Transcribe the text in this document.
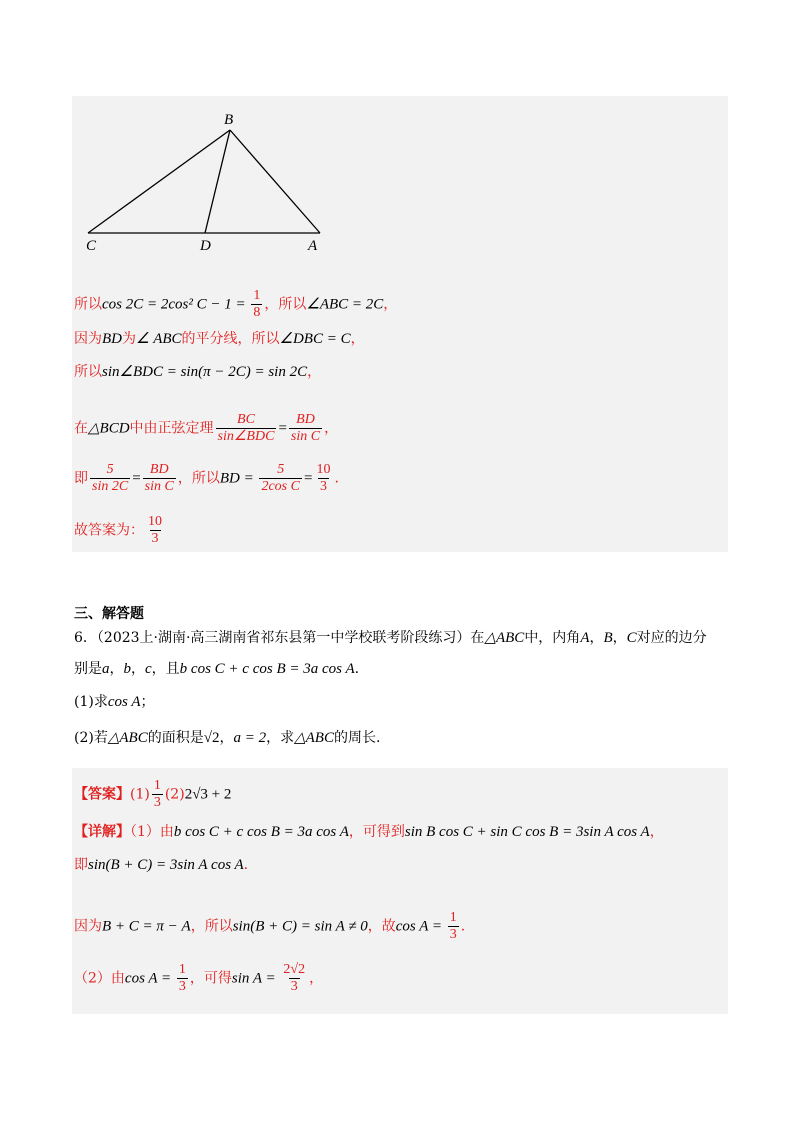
B
C	D	A
所以cos 2C = 2cos² $C - 1 = \frac{1}{8}$ ，所以∠ABC = 2C，
因为BD为∠ ABC的平分线，所以∠DBC = C，
所以sin∠BDC = sin(π − 2C) = sin 2C，
在△BCD中由正弦定理 $\frac{BC}{\text{sin∠BDC}} = \frac{BD}{\text{sin C}}$ ，
即 $\frac{5}{\sin 2C} = \frac{BD}{\text{sin C}}$ ，所以BD = $\frac{5}{\text{2cos C}} = \frac{10}{3}$ .
故答案为： $\frac{10}{3}$
三、解答题
6．（2023上·湖南·高三湖南省祁东县第一中学校联考阶段练习）在△ABC中，内角A，B，C对应的边分
别是a，b，c，且b cos C + c cos B = 3a cos A.
(1)求cos A；
(2)若△ABC的面积是√2，a = 2，求△ABC的周长.
【答案】$(1) \frac{1}{3} (2)2√3 + 2$
【详解】（1）由b cos C + c cos B = 3a cos A，可得到sin B cos C + sin C cos B = 3sin A cos A，
即sin(B + C) = 3sin A cos A.
因为B + C = π − A，所以sin(B + C) = sin A ≠ 0，故$\cos A = \frac{1}{3}$ .
（2）由$\cos A = \frac{1}{3}$ ，可得$\sin A = \frac{2√2}{3}$ ，
